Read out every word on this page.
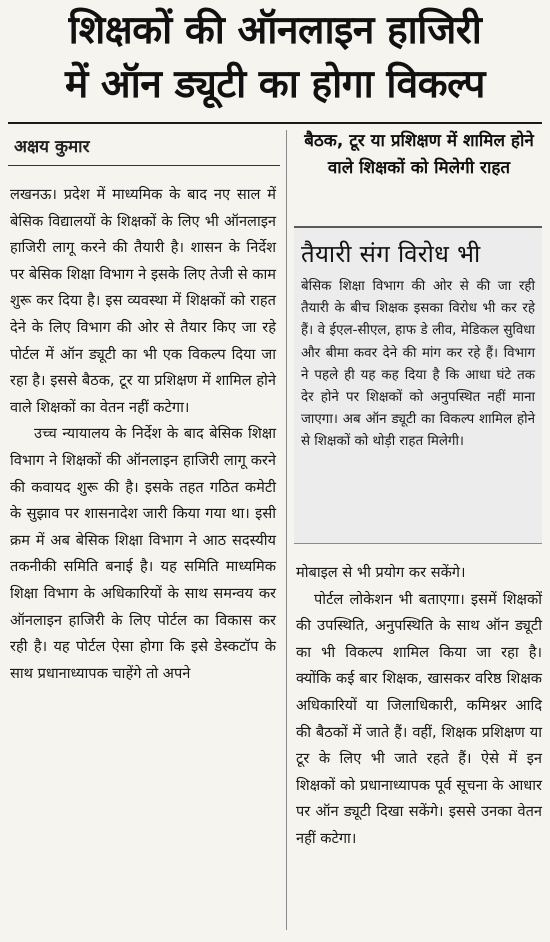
शिक्षकों की ऑनलाइन हाजिरी
में ऑन ड्यूटी का होगा विकल्प
अक्षय कुमार	बैठक, टूर या प्रशिक्षण में शामिल होने वाले शिक्षकों को मिलेगी राहत

लखनऊ। प्रदेश में माध्यमिक के बाद नए साल में बेसिक विद्यालयों के शिक्षकों के लिए भी ऑनलाइन हाजिरी लागू करने की तैयारी है। शासन के निर्देश पर बेसिक शिक्षा विभाग ने इसके लिए तेजी से काम शुरू कर दिया है। इस व्यवस्था में शिक्षकों को राहत देने के लिए विभाग की ओर से तैयार किए जा रहे पोर्टल में ऑन ड्यूटी का भी एक विकल्प दिया जा रहा है। इससे बैठक, टूर या प्रशिक्षण में शामिल होने वाले शिक्षकों का वेतन नहीं कटेगा।

उच्च न्यायालय के निर्देश के बाद बेसिक शिक्षा विभाग ने शिक्षकों की ऑनलाइन हाजिरी लागू करने की कवायद शुरू की है। इसके तहत गठित कमेटी के सुझाव पर शासनादेश जारी किया गया था। इसी क्रम में अब बेसिक शिक्षा विभाग ने आठ सदस्यीय तकनीकी समिति बनाई है। यह समिति माध्यमिक शिक्षा विभाग के अधिकारियों के साथ समन्वय कर ऑनलाइन हाजिरी के लिए पोर्टल का विकास कर रही है। यह पोर्टल ऐसा होगा कि इसे डेस्कटॉप के साथ प्रधानाध्यापक चाहेंगे तो अपने

तैयारी संग विरोध भी
बेसिक शिक्षा विभाग की ओर से की जा रही तैयारी के बीच शिक्षक इसका विरोध भी कर रहे हैं। वे ईएल-सीएल, हाफ डे लीव, मेडिकल सुविधा और बीमा कवर देने की मांग कर रहे हैं। विभाग ने पहले ही यह कह दिया है कि आधा घंटे तक देर होने पर शिक्षकों को अनुपस्थित नहीं माना जाएगा। अब ऑन ड्यूटी का विकल्प शामिल होने से शिक्षकों को थोड़ी राहत मिलेगी।

मोबाइल से भी प्रयोग कर सकेंगे।

पोर्टल लोकेशन भी बताएगा। इसमें शिक्षकों की उपस्थिति, अनुपस्थिति के साथ ऑन ड्यूटी का भी विकल्प शामिल किया जा रहा है। क्योंकि कई बार शिक्षक, खासकर वरिष्ठ शिक्षक अधिकारियों या जिलाधिकारी, कमिश्नर आदि की बैठकों में जाते हैं। वहीं, शिक्षक प्रशिक्षण या टूर के लिए भी जाते रहते हैं। ऐसे में इन शिक्षकों को प्रधानाध्यापक पूर्व सूचना के आधार पर ऑन ड्यूटी दिखा सकेंगे। इससे उनका वेतन नहीं कटेगा।
